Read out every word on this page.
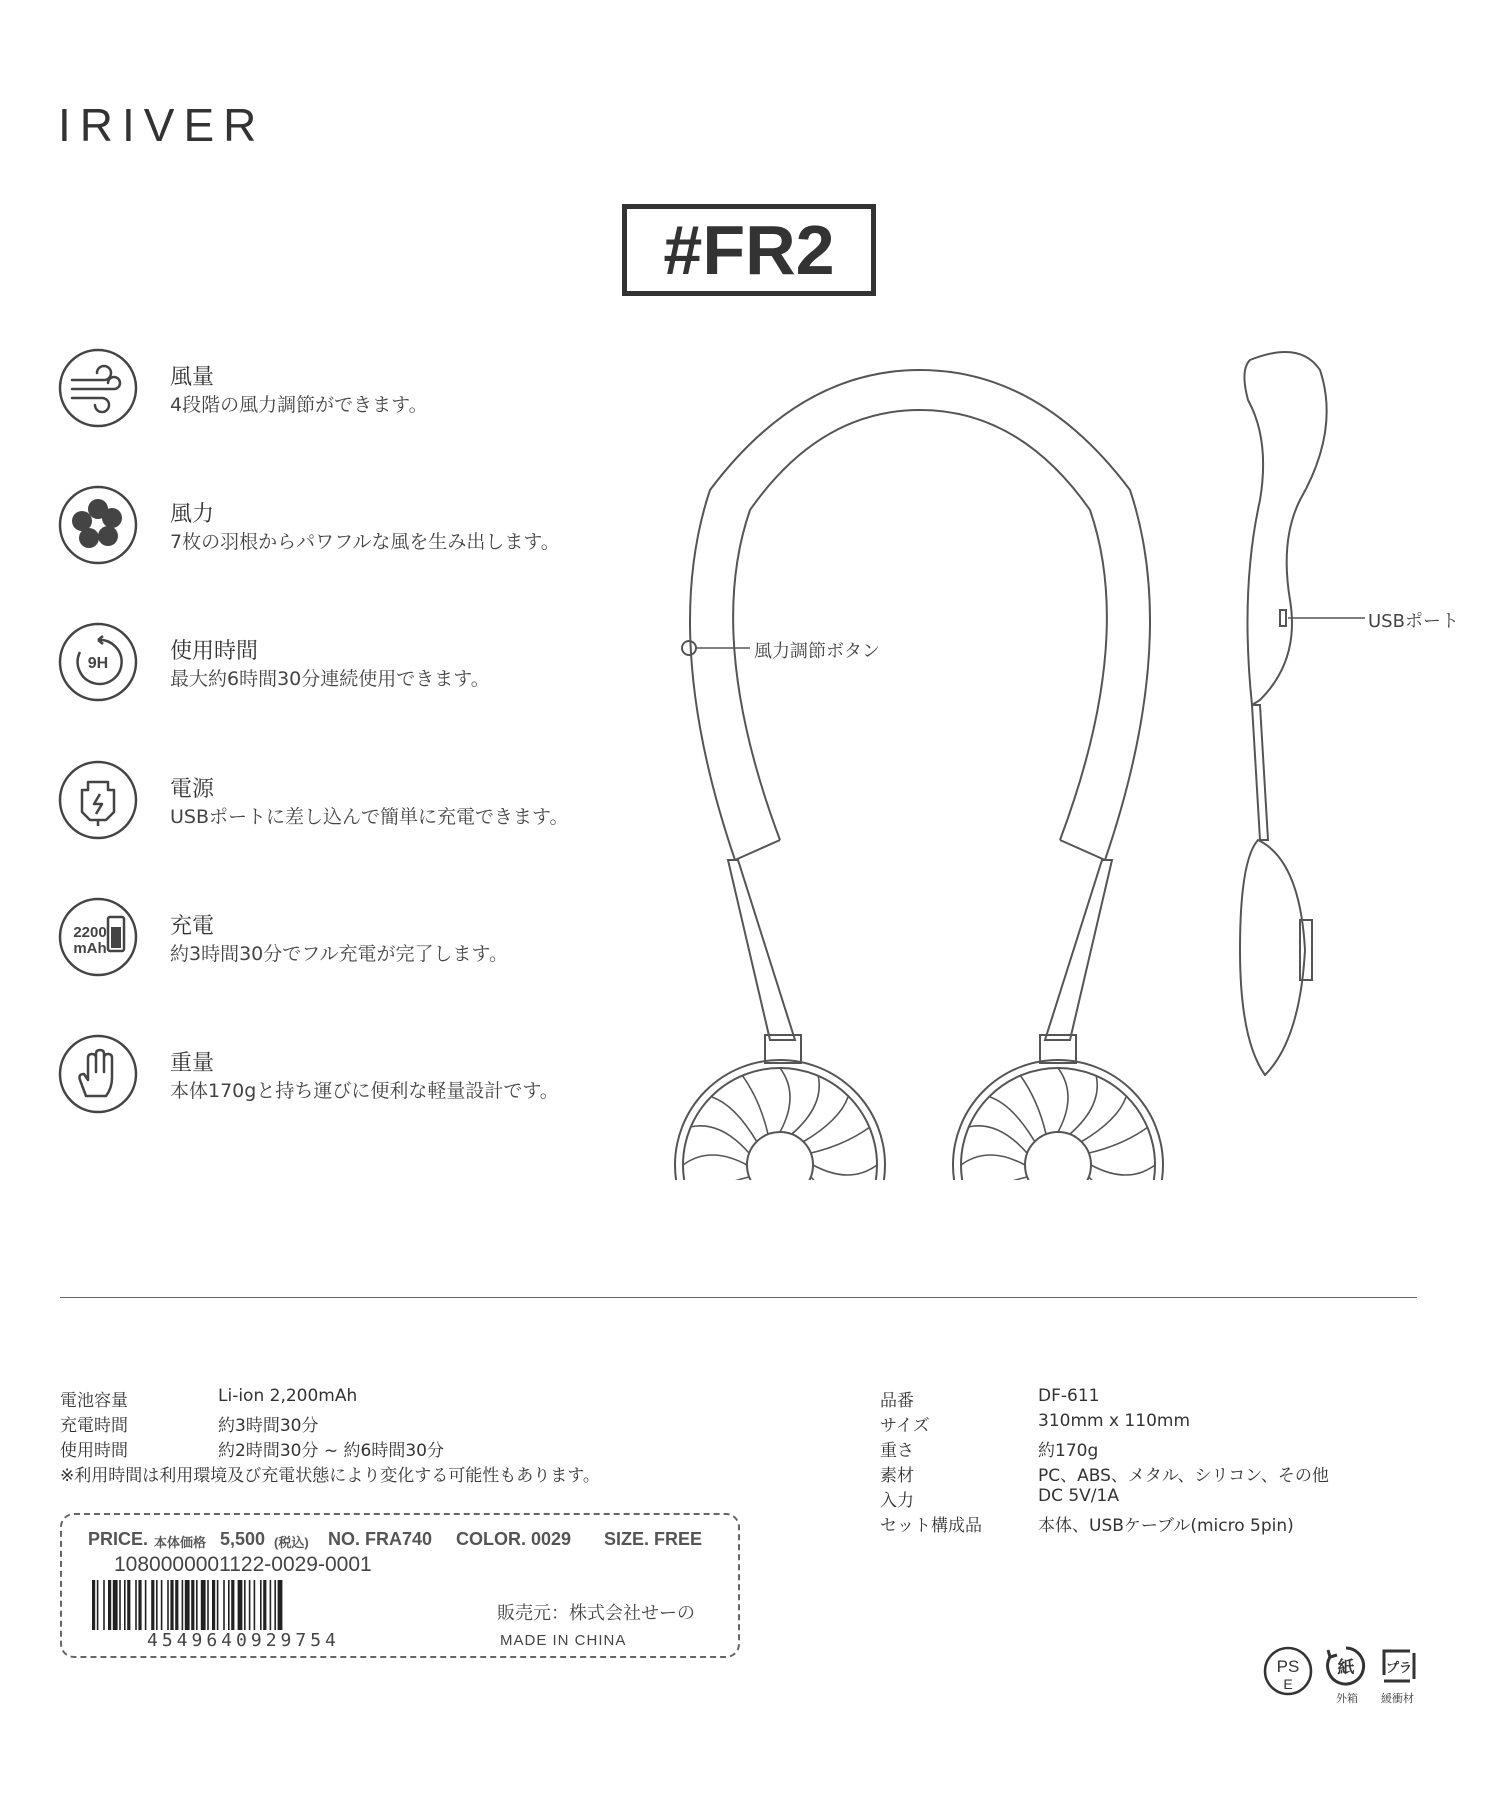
IRIVER
#FR2
風量
4段階の風力調節ができます。
風力
7枚の羽根からパワフルな風を生み出します。
9H	使用時間
最大約6時間30分連続使用できます。
電源
USBポートに差し込んで簡単に充電できます。
2200
mAh
充電
約3時間30分でフル充電が完了します。
重量
本体170gと持ち運びに便利な軽量設計です。
風力調節ボタン
USBポート
電池容量	Li-ion 2,200mAh
充電時間	約3時間30分
使用時間	約2時間30分 ~ 約6時間30分
※利用時間は利用環境及び充電状態により変化する可能性もあります。
品番	DF-611
サイズ	310mm x 110mm
重さ	約170g
素材	PC、ABS、メタル、シリコン、その他
入力	DC 5V/1A
セット構成品	本体、USBケーブル(micro 5pin)
PRICE. 本体価格 5,500 (税込) NO. FRA740 COLOR. 0029 SIZE. FREE
1080000001122-0029-0001
4549640929754
販売元：株式会社せーの
MADE IN CHINA
PS
E
紙
外箱
プラ
緩衝材
